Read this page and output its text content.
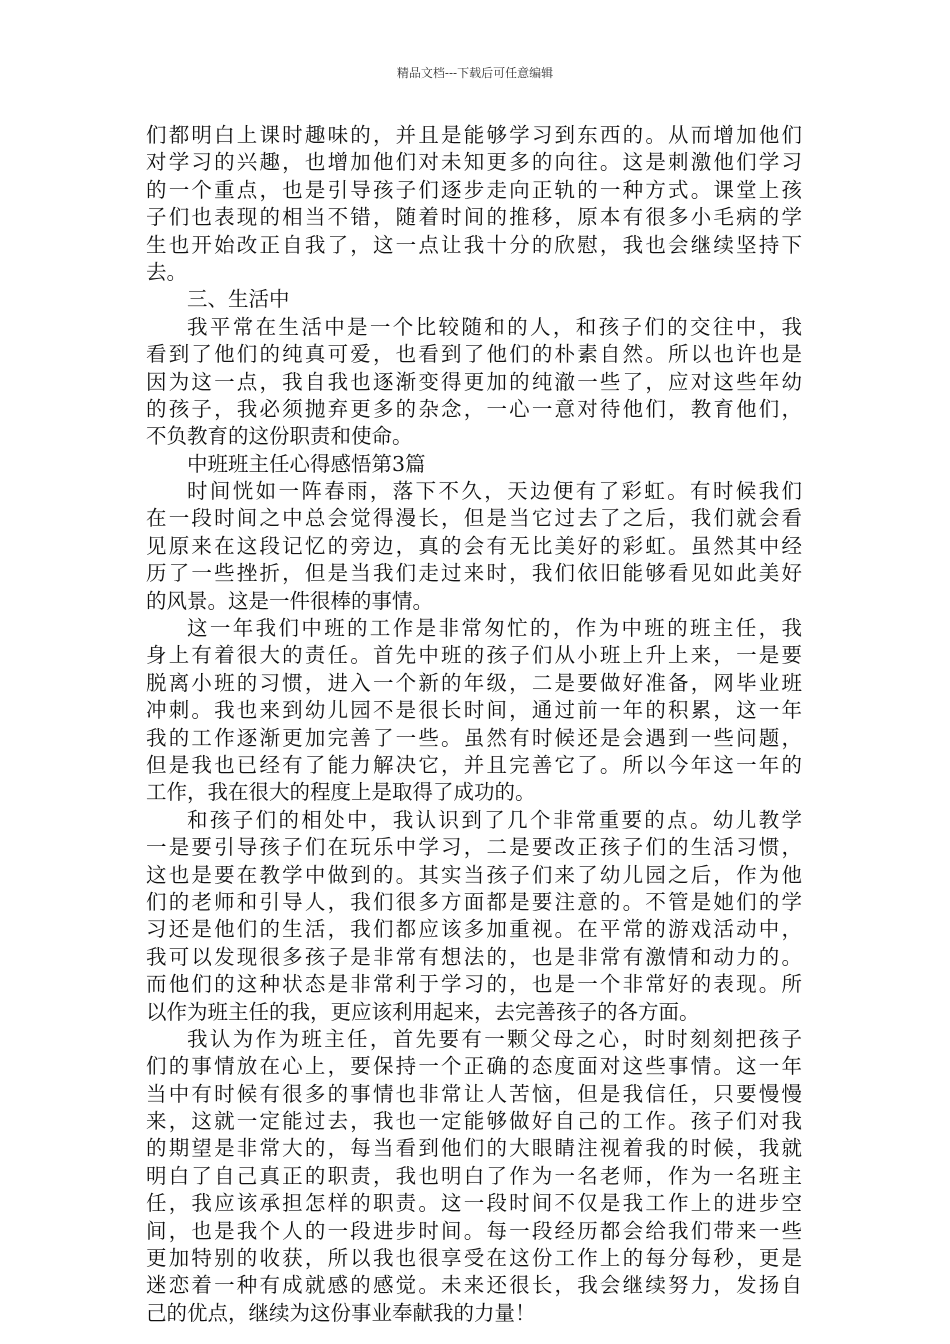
精品文档---下载后可任意编辑
们都明白上课时趣味的，并且是能够学习到东西的。从而增加他们
对学习的兴趣，也增加他们对未知更多的向往。这是刺激他们学习
的一个重点，也是引导孩子们逐步走向正轨的一种方式。课堂上孩
子们也表现的相当不错，随着时间的推移，原本有很多小毛病的学
生也开始改正自我了，这一点让我十分的欣慰，我也会继续坚持下
去。
三、生活中
我平常在生活中是一个比较随和的人，和孩子们的交往中，我
看到了他们的纯真可爱，也看到了他们的朴素自然。所以也许也是
因为这一点，我自我也逐渐变得更加的纯澈一些了，应对这些年幼
的孩子，我必须抛弃更多的杂念，一心一意对待他们，教育他们，
不负教育的这份职责和使命。
中班班主任心得感悟第3篇
时间恍如一阵春雨，落下不久，天边便有了彩虹。有时候我们
在一段时间之中总会觉得漫长，但是当它过去了之后，我们就会看
见原来在这段记忆的旁边，真的会有无比美好的彩虹。虽然其中经
历了一些挫折，但是当我们走过来时，我们依旧能够看见如此美好
的风景。这是一件很棒的事情。
这一年我们中班的工作是非常匆忙的，作为中班的班主任，我
身上有着很大的责任。首先中班的孩子们从小班上升上来，一是要
脱离小班的习惯，进入一个新的年级，二是要做好准备，网毕业班
冲刺。我也来到幼儿园不是很长时间，通过前一年的积累，这一年
我的工作逐渐更加完善了一些。虽然有时候还是会遇到一些问题，
但是我也已经有了能力解决它，并且完善它了。所以今年这一年的
工作，我在很大的程度上是取得了成功的。
和孩子们的相处中，我认识到了几个非常重要的点。幼儿教学
一是要引导孩子们在玩乐中学习，二是要改正孩子们的生活习惯，
这也是要在教学中做到的。其实当孩子们来了幼儿园之后，作为他
们的老师和引导人，我们很多方面都是要注意的。不管是她们的学
习还是他们的生活，我们都应该多加重视。在平常的游戏活动中，
我可以发现很多孩子是非常有想法的，也是非常有激情和动力的。
而他们的这种状态是非常利于学习的，也是一个非常好的表现。所
以作为班主任的我，更应该利用起来，去完善孩子的各方面。
我认为作为班主任，首先要有一颗父母之心，时时刻刻把孩子
们的事情放在心上，要保持一个正确的态度面对这些事情。这一年
当中有时候有很多的事情也非常让人苦恼，但是我信任，只要慢慢
来，这就一定能过去，我也一定能够做好自己的工作。孩子们对我
的期望是非常大的，每当看到他们的大眼睛注视着我的时候，我就
明白了自己真正的职责，我也明白了作为一名老师，作为一名班主
任，我应该承担怎样的职责。这一段时间不仅是我工作上的进步空
间，也是我个人的一段进步时间。每一段经历都会给我们带来一些
更加特别的收获，所以我也很享受在这份工作上的每分每秒，更是
迷恋着一种有成就感的感觉。未来还很长，我会继续努力，发扬自
己的优点，继续为这份事业奉献我的力量！
